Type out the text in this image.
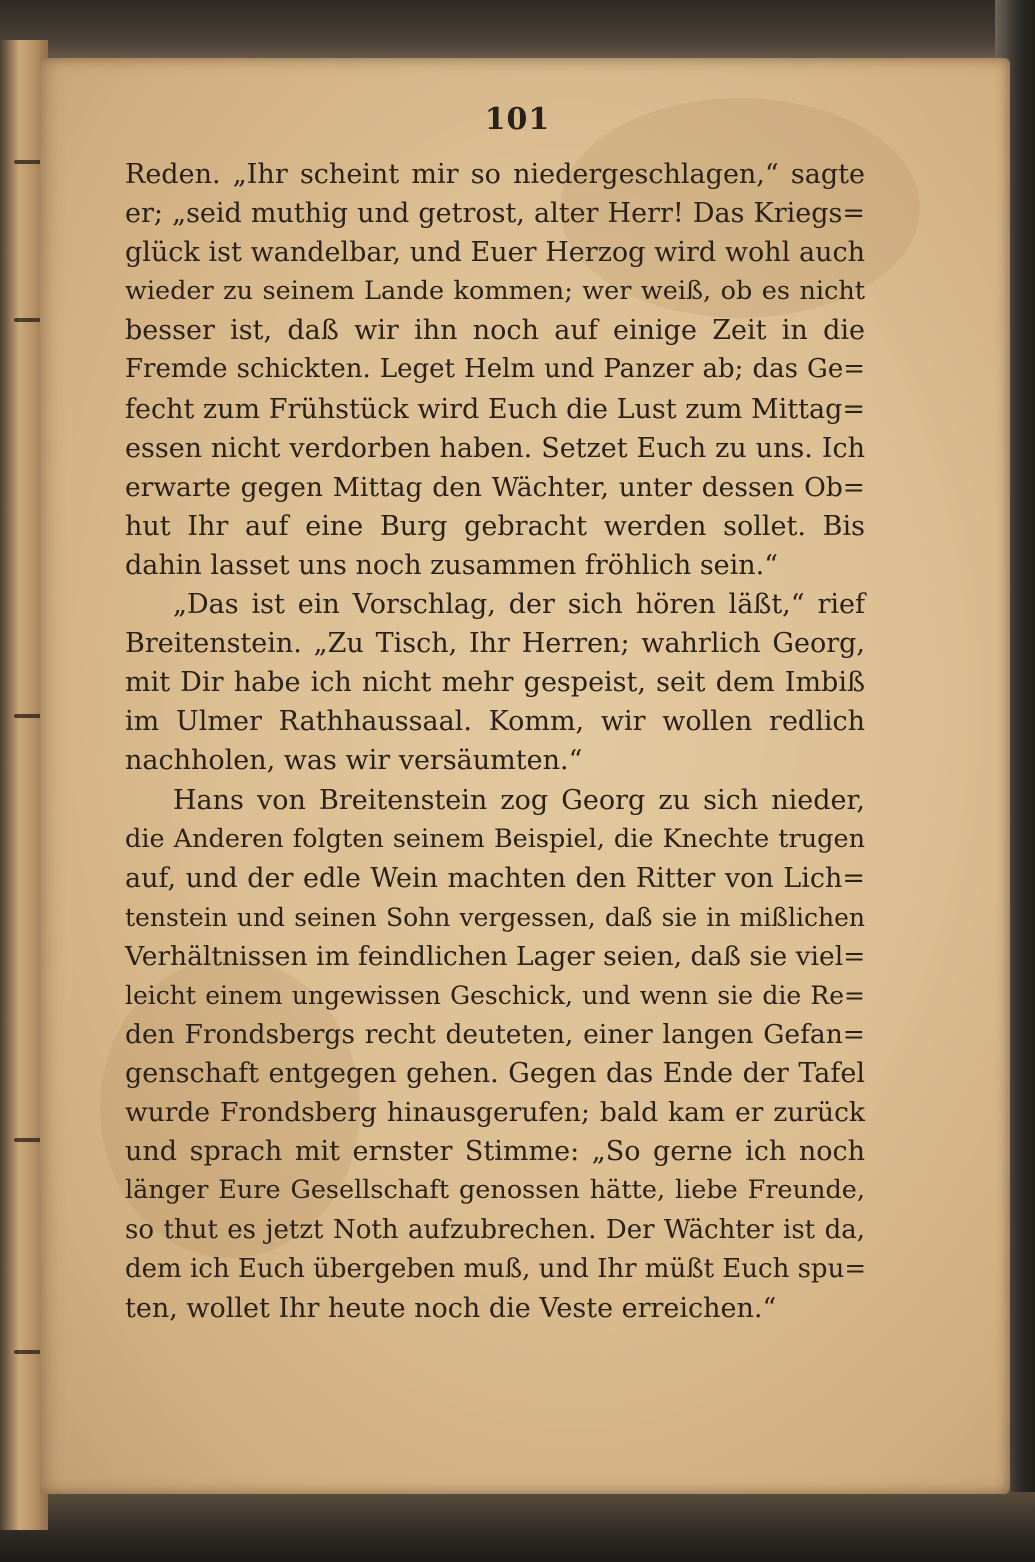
101
Reden. „Ihr scheint mir so niedergeschlagen,“ sagte
er; „seid muthig und getrost, alter Herr! Das Kriegs=
glück ist wandelbar, und Euer Herzog wird wohl auch
wieder zu seinem Lande kommen; wer weiß, ob es nicht
besser ist, daß wir ihn noch auf einige Zeit in die
Fremde schickten. Leget Helm und Panzer ab; das Ge=
fecht zum Frühstück wird Euch die Lust zum Mittag=
essen nicht verdorben haben. Setzet Euch zu uns. Ich
erwarte gegen Mittag den Wächter, unter dessen Ob=
hut Ihr auf eine Burg gebracht werden sollet. Bis
dahin lasset uns noch zusammen fröhlich sein.“
„Das ist ein Vorschlag, der sich hören läßt,“ rief
Breitenstein. „Zu Tisch, Ihr Herren; wahrlich Georg,
mit Dir habe ich nicht mehr gespeist, seit dem Imbiß
im Ulmer Rathhaussaal. Komm, wir wollen redlich
nachholen, was wir versäumten.“
Hans von Breitenstein zog Georg zu sich nieder,
die Anderen folgten seinem Beispiel, die Knechte trugen
auf, und der edle Wein machten den Ritter von Lich=
tenstein und seinen Sohn vergessen, daß sie in mißlichen
Verhältnissen im feindlichen Lager seien, daß sie viel=
leicht einem ungewissen Geschick, und wenn sie die Re=
den Frondsbergs recht deuteten, einer langen Gefan=
genschaft entgegen gehen. Gegen das Ende der Tafel
wurde Frondsberg hinausgerufen; bald kam er zurück
und sprach mit ernster Stimme: „So gerne ich noch
länger Eure Gesellschaft genossen hätte, liebe Freunde,
so thut es jetzt Noth aufzubrechen. Der Wächter ist da,
dem ich Euch übergeben muß, und Ihr müßt Euch spu=
ten, wollet Ihr heute noch die Veste erreichen.“
